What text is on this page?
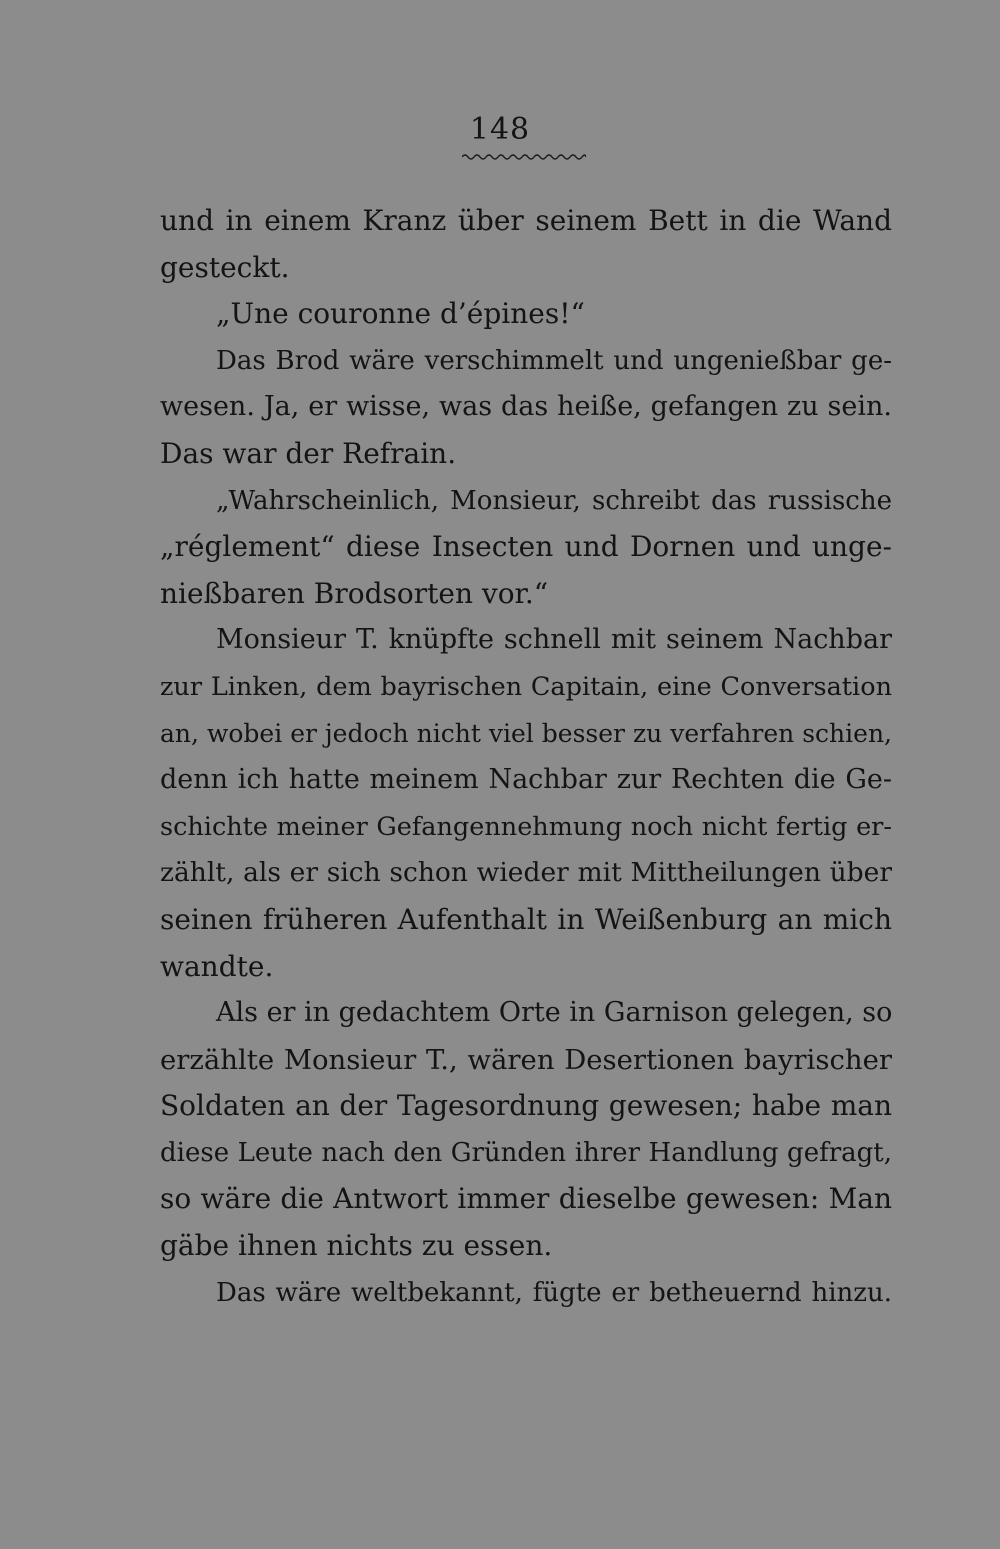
148
und in einem Kranz über seinem Bett in die Wand
gesteckt.
„Une couronne d’épines!“
Das Brod wäre verschimmelt und ungenießbar ge-
wesen. Ja, er wisse, was das heiße, gefangen zu sein.
Das war der Refrain.
„Wahrscheinlich, Monsieur, schreibt das russische
„réglement“ diese Insecten und Dornen und unge-
nießbaren Brodsorten vor.“
Monsieur T. knüpfte schnell mit seinem Nachbar
zur Linken, dem bayrischen Capitain, eine Conversation
an, wobei er jedoch nicht viel besser zu verfahren schien,
denn ich hatte meinem Nachbar zur Rechten die Ge-
schichte meiner Gefangennehmung noch nicht fertig er-
zählt, als er sich schon wieder mit Mittheilungen über
seinen früheren Aufenthalt in Weißenburg an mich
wandte.
Als er in gedachtem Orte in Garnison gelegen, so
erzählte Monsieur T., wären Desertionen bayrischer
Soldaten an der Tagesordnung gewesen; habe man
diese Leute nach den Gründen ihrer Handlung gefragt,
so wäre die Antwort immer dieselbe gewesen: Man
gäbe ihnen nichts zu essen.
Das wäre weltbekannt, fügte er betheuernd hinzu.
